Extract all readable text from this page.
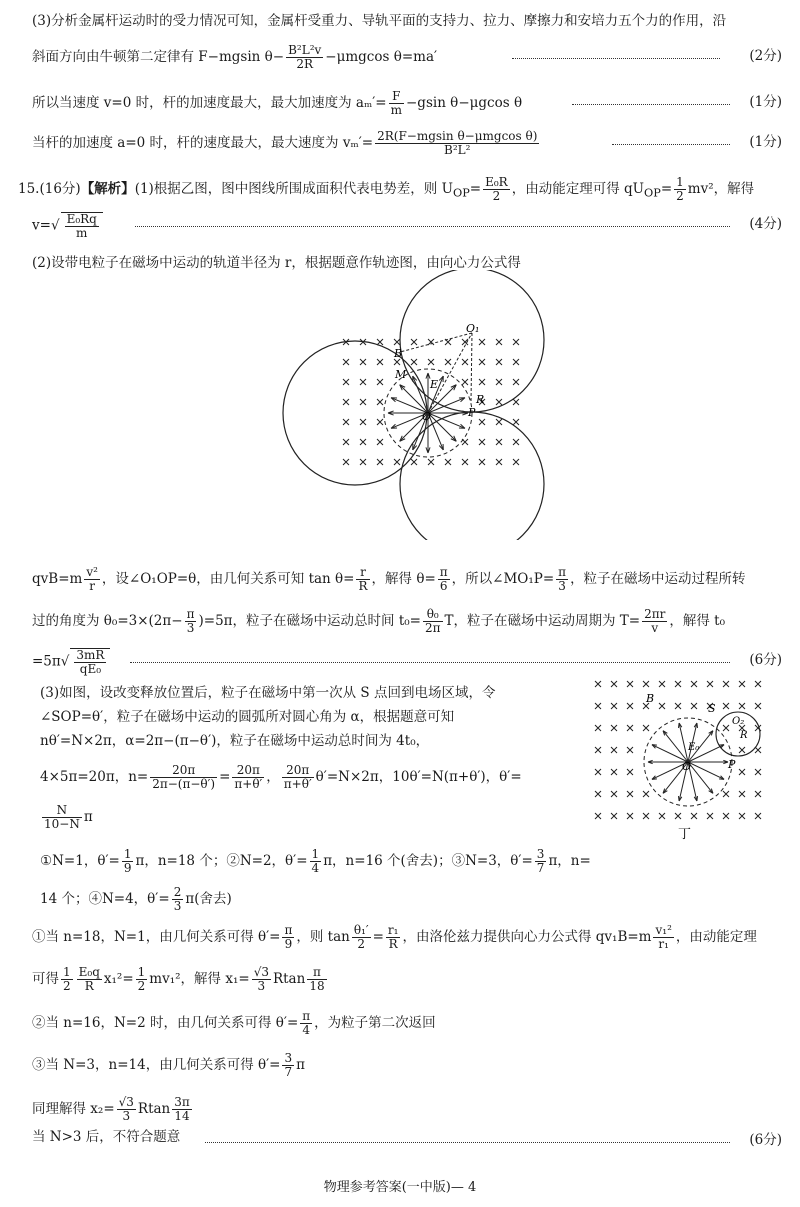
(3)分析金属杆运动时的受力情况可知，金属杆受重力、导轨平面的支持力、拉力、摩擦力和安培力五个力的作用，沿
斜面方向由牛顿第二定律有 F−mgsin $\theta- \frac{\text{B²L²v}}{2R} -\mu mgcos$ θ=ma′	(2分)
所以当速度 v=0 时，杆的加速度最大，最大加速度为 $a_m'= \frac{F}{m} -gsin$ θ−μgcos θ	(1分)
当杆的加速度 a=0 时，杆的速度最大，最大速度为 vₘ′= 2R(F−mgsin θ−μmgcos θ)
B²L²	(1分)
15.(16分)【解析】(1)根据乙图，图中图线所围成面积代表电势差，则 $U_{OP}= \frac{\text{E₀R}}{2}$ ，由动能定理可得 $qU_{OP}= \frac{1}{2} mv^2$，解得
$v=√ \frac{\text{E₀Rq}}{m}$	(4分)
(2)设带电粒子在磁场中运动的轨道半径为 r，根据题意作轨迹图，由向心力公式得
O₁
B
M
E
O	P
R
$qvB=m \frac{\text{v²}}{r}$ ，设∠O₁OP=θ，由几何关系可知 $\tan \theta= \frac{r}{R}$ ，解得 $\theta= \frac{\pi}{6}$ ，所以∠MO₁P= $\frac{\pi}{3}$ ，粒子在磁场中运动过程所转
过的角度为 $\theta_0=3\times(2\pi- \frac{\pi}{3} )=5\pi$，粒子在磁场中运动总时间 $t_0= \frac{\text{θ₀}}{2\pi}$ T，粒子在磁场中运动周期为 $T= \frac{2\pi r}{v}$ ，解得 t₀
$=5\pi√ \frac{3mR}{\text{qE₀}}$	(6分)
(3)如图，设改变释放位置后，粒子在磁场中第一次从 S 点回到电场区域，令
∠SOP=θ′，粒子在磁场中运动的圆弧所对圆心角为 α，根据题意可知
nθ′=N×2π，α=2π−(π−θ′)，粒子在磁场中运动总时间为 4t₀，
4×5π=20π，$n= \frac{20\pi}{2\pi-(\pi-\theta')} = \frac{20\pi}{\pi+\theta'}$ ， $\frac{20\pi}{\pi+\theta'} \theta'=N\times 2\pi$，10θ′=N(π+θ′)，θ′=
$\frac{N}{10-N}$ π
①N=1，$\theta'= \frac{1}{9}$ π，n=18 个；②N=2，$\theta'= \frac{1}{4}$ π，n=16 个(舍去)；③N=3，$\theta'= \frac{3}{7}$ π，n=
14 个；④N=4，$\theta'= \frac{2}{3} \pi$(舍去)
B
S
O₂
R
E₀
O	P
丁
①当 n=18，N=1，由几何关系可得 $\theta'= \frac{\pi}{9}$ ，则 $\tan \frac{\text{θ₁′}}{2} = \frac{\text{r₁}}{R}$ ，由洛伦兹力提供向心力公式得 $qv_1B=m \frac{\text{v₁²}}{\text{r₁}}$ ，由动能定理
可得 $\frac{1}{2} \frac{\text{E₀q}}{R} x_1^2= \frac{1}{2} mv_1^2$，解得 $x_1= \frac{√3}{3}$ Rtan $\frac{\pi}{18}$
②当 n=16，N=2 时，由几何关系可得 $\theta'= \frac{\pi}{4}$ ，为粒子第二次返回
③当 N=3，n=14，由几何关系可得 $\theta'= \frac{3}{7}$ π
同理解得 $x_2= \frac{√3}{3}$ Rtan $\frac{3\pi}{14}$
当 N>3 后，不符合题意	(6分)
物理参考答案(一中版)— 4
